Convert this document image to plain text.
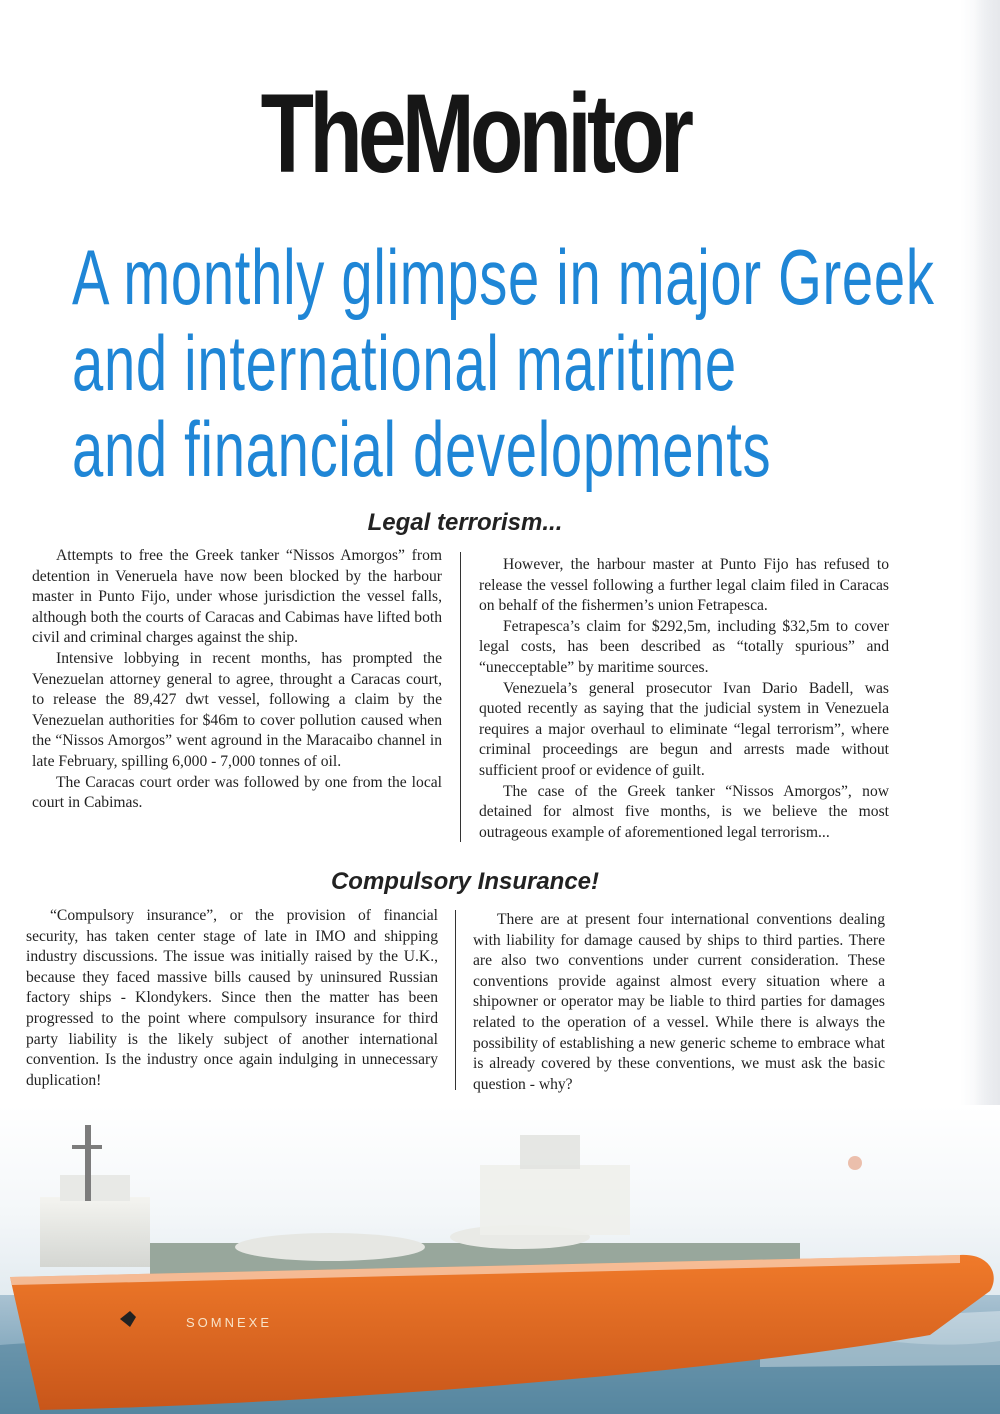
TheMonitor
A monthly glimpse in major Greek
and international maritime
and financial developments
Legal terrorism...

Attempts to free the Greek tanker “Nissos Amorgos” from detention in Veneruela have now been blocked by the harbour master in Punto Fijo, under whose jurisdiction the vessel falls, although both the courts of Caracas and Cabimas have lifted both civil and criminal charges against the ship.

Intensive lobbying in recent months, has prompted the Venezuelan attorney general to agree, throught a Caracas court, to release the 89,427 dwt vessel, following a claim by the Venezuelan authorities for $46m to cover pollution caused when the “Nissos Amorgos” went aground in the Maracaibo channel in late February, spilling 6,000 - 7,000 tonnes of oil.

The Caracas court order was followed by one from the local court in Cabimas.

However, the harbour master at Punto Fijo has refused to release the vessel following a further legal claim filed in Caracas on behalf of the fishermen’s union Fetrapesca.

Fetrapesca’s claim for $292,5m, including $32,5m to cover legal costs, has been described as “totally spurious” and “unecceptable” by maritime sources.

Venezuela’s general prosecutor Ivan Dario Badell, was quoted recently as saying that the judicial system in Venezuela requires a major overhaul to eliminate “legal terrorism”, where criminal proceedings are begun and arrests made without sufficient proof or evidence of guilt.

The case of the Greek tanker “Nissos Amorgos”, now detained for almost five months, is we believe the most outrageous example of aforementioned legal terrorism...

Compulsory Insurance!

“Compulsory insurance”, or the provision of financial security, has taken center stage of late in IMO and shipping industry discussions. The issue was initially raised by the U.K., because they faced massive bills caused by uninsured Russian factory ships - Klondykers. Since then the matter has been progressed to the point where compulsory insurance for third party liability is the likely subject of another international convention. Is the industry once again indulging in unnecessary duplication!

There are at present four international conventions dealing with liability for damage caused by ships to third parties. There are also two conventions under current consideration. These conventions provide against almost every situation where a shipowner or operator may be liable to third parties for damages related to the operation of a vessel. While there is always the possibility of establishing a new generic scheme to embrace what is already covered by these conventions, we must ask the basic question - why?

SOMNEXE
